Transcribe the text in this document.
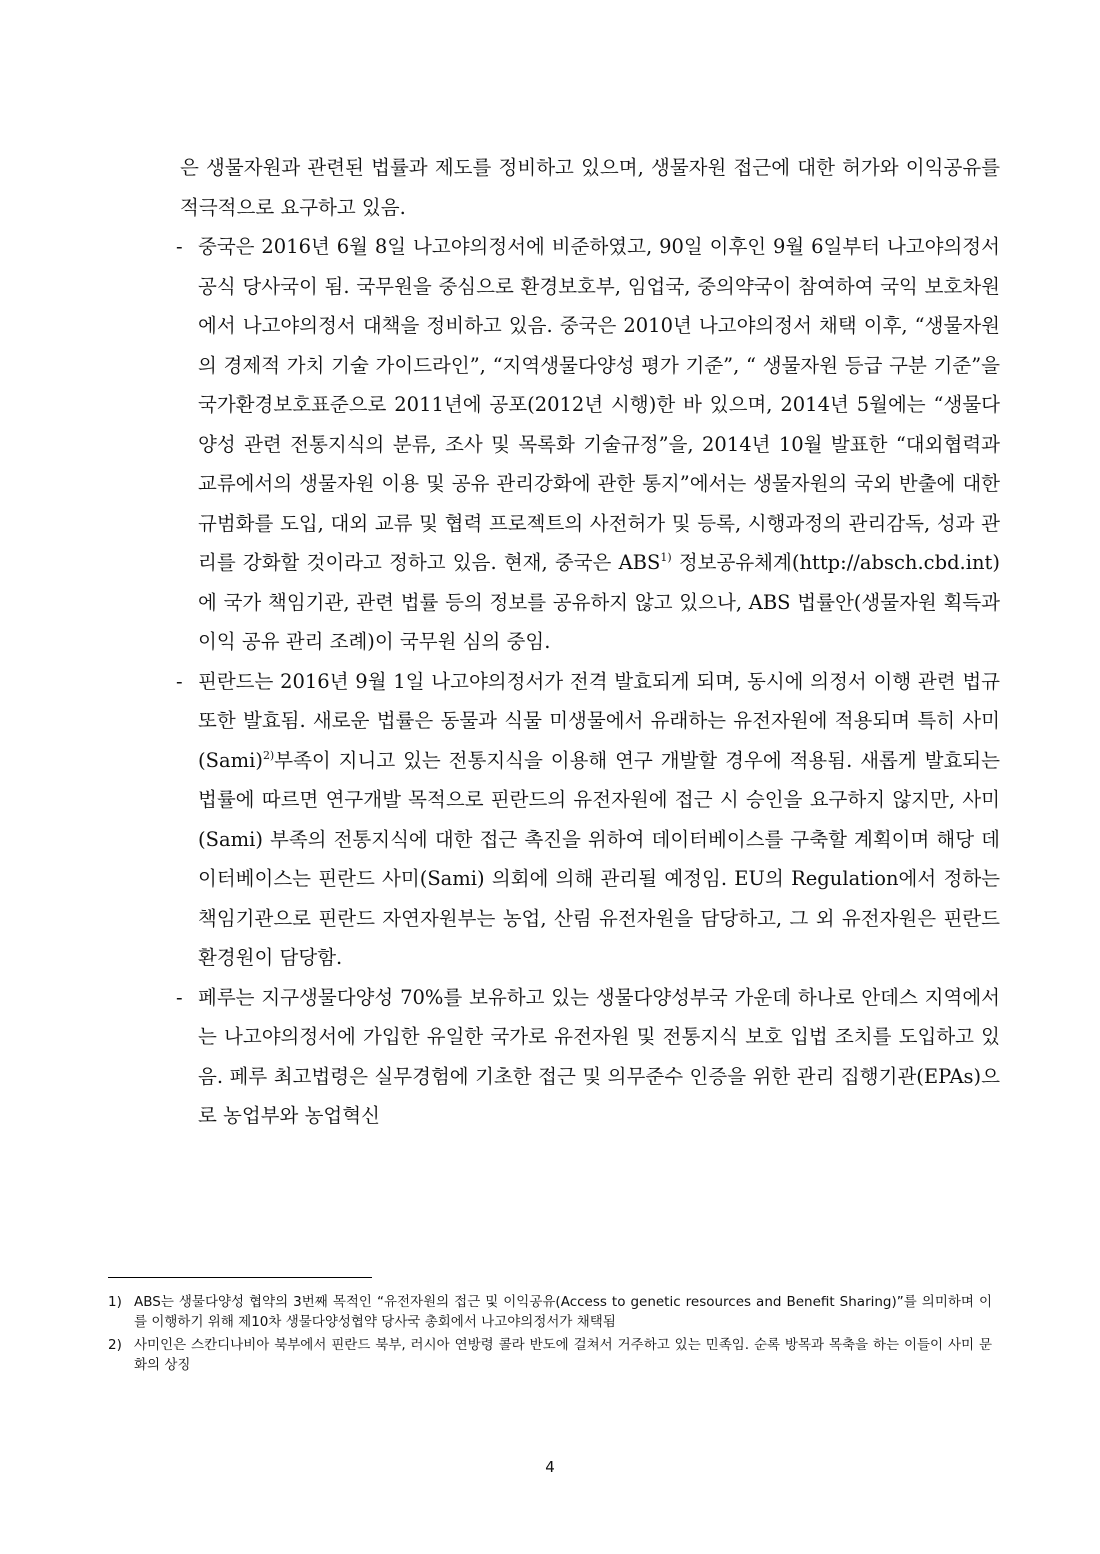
은 생물자원과 관련된 법률과 제도를 정비하고 있으며, 생물자원 접근에 대한 허가와 이익공유를 적극적으로 요구하고 있음.

- 중국은 2016년 6월 8일 나고야의정서에 비준하였고, 90일 이후인 9월 6일부터 나고야의정서 공식 당사국이 됨. 국무원을 중심으로 환경보호부, 임업국, 중의약국이 참여하여 국익 보호차원에서 나고야의정서 대책을 정비하고 있음. 중국은 2010년 나고야의정서 채택 이후, “생물자원의 경제적 가치 기술 가이드라인”, “지역생물다양성 평가 기준”, “ 생물자원 등급 구분 기준”을 국가환경보호표준으로 2011년에 공포(2012년 시행)한 바 있으며, 2014년 5월에는 “생물다양성 관련 전통지식의 분류, 조사 및 목록화 기술규정”을, 2014년 10월 발표한 “대외협력과 교류에서의 생물자원 이용 및 공유 관리강화에 관한 통지”에서는 생물자원의 국외 반출에 대한 규범화를 도입, 대외 교류 및 협력 프로젝트의 사전허가 및 등록, 시행과정의 관리감독, 성과 관리를 강화할 것이라고 정하고 있음. 현재, 중국은 ABS$^{1)}$ 정보공유체계(http://absch.cbd.int)에 국가 책임기관, 관련 법률 등의 정보를 공유하지 않고 있으나, ABS 법률안(생물자원 획득과 이익 공유 관리 조례)이 국무원 심의 중임.

- 핀란드는 2016년 9월 1일 나고야의정서가 전격 발효되게 되며, 동시에 의정서 이행 관련 법규 또한 발효됨. 새로운 법률은 동물과 식물 미생물에서 유래하는 유전자원에 적용되며 특히 사미(Sami)$^{2)}$부족이 지니고 있는 전통지식을 이용해 연구 개발할 경우에 적용됨. 새롭게 발효되는 법률에 따르면 연구개발 목적으로 핀란드의 유전자원에 접근 시 승인을 요구하지 않지만, 사미(Sami) 부족의 전통지식에 대한 접근 촉진을 위하여 데이터베이스를 구축할 계획이며 해당 데이터베이스는 핀란드 사미(Sami) 의회에 의해 관리될 예정임. EU의 Regulation에서 정하는 책임기관으로 핀란드 자연자원부는 농업, 산림 유전자원을 담당하고, 그 외 유전자원은 핀란드 환경원이 담당함.

- 페루는 지구생물다양성 70%를 보유하고 있는 생물다양성부국 가운데 하나로 안데스 지역에서는 나고야의정서에 가입한 유일한 국가로 유전자원 및 전통지식 보호 입법 조치를 도입하고 있음. 페루 최고법령은 실무경험에 기초한 접근 및 의무준수 인증을 위한 관리 집행기관(EPAs)으로 농업부와 농업혁신

1) ABS는 생물다양성 협약의 3번째 목적인 “유전자원의 접근 및 이익공유(Access to genetic resources and Benefit Sharing)”를 의미하며 이를 이행하기 위해 제10차 생물다양성협약 당사국 총회에서 나고야의정서가 채택됨
2) 사미인은 스칸디나비아 북부에서 핀란드 북부, 러시아 연방령 콜라 반도에 걸쳐서 거주하고 있는 민족임. 순록 방목과 목축을 하는 이들이 사미 문화의 상징
4
